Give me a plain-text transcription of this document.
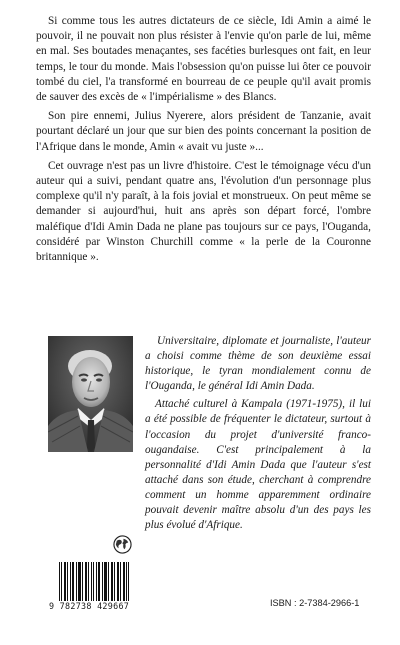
Si comme tous les autres dictateurs de ce siècle, Idi Amin a aimé le pouvoir, il ne pouvait non plus résister à l'envie qu'on parle de lui, même en mal. Ses boutades menaçantes, ses facéties burlesques ont fait, en leur temps, le tour du monde. Mais l'obsession qu'on puisse lui ôter ce pouvoir tombé du ciel, l'a transformé en bourreau de ce peuple qu'il avait promis de sauver des excès de « l'impérialisme » des Blancs.

Son pire ennemi, Julius Nyerere, alors président de Tanzanie, avait pourtant déclaré un jour que sur bien des points concernant la position de l'Afrique dans le monde, Amin « avait vu juste »...

Cet ouvrage n'est pas un livre d'histoire. C'est le témoignage vécu d'un auteur qui a suivi, pendant quatre ans, l'évolution d'un personnage plus complexe qu'il n'y paraît, à la fois jovial et monstrueux. On peut même se demander si aujourd'hui, huit ans après son départ forcé, l'ombre maléfique d'Idi Amin Dada ne plane pas toujours sur ce pays, l'Ouganda, considéré par Winston Churchill comme « la perle de la Couronne britannique ».

Universitaire, diplomate et journaliste, l'auteur a choisi comme thème de son deuxième essai historique, le tyran mondialement connu de l'Ouganda, le général Idi Amin Dada.

Attaché culturel à Kampala (1971-1975), il lui a été possible de fréquenter le dictateur, surtout à l'occasion du projet d'université franco-ougandaise. C'est principalement à la personnalité d'Idi Amin Dada que l'auteur s'est attaché dans son étude, cherchant à comprendre comment un homme apparemment ordinaire pouvait devenir maître absolu d'un des pays les plus évolué d'Afrique.

9 782738 429667	ISBN : 2-7384-2966-1
